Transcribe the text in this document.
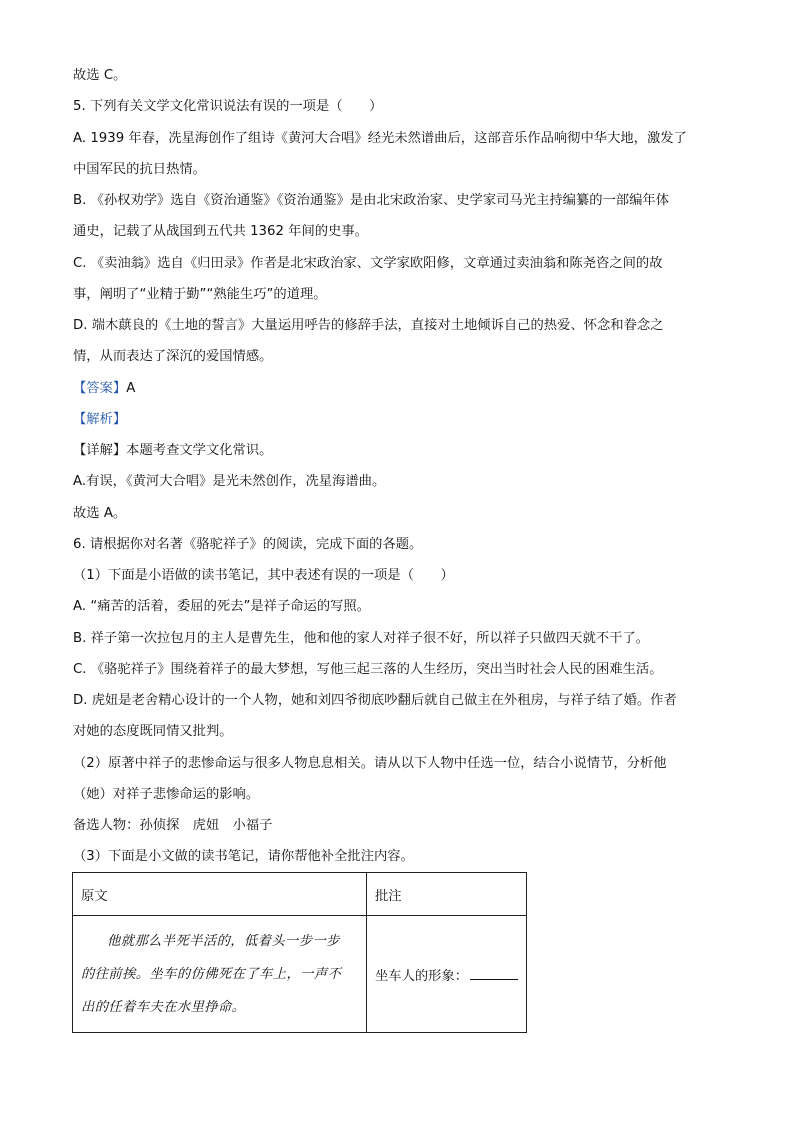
故选 C。
5. 下列有关文学文化常识说法有误的一项是（　　）
A. 1939 年春，冼星海创作了组诗《黄河大合唱》经光未然谱曲后，这部音乐作品响彻中华大地，激发了
中国军民的抗日热情。
B. 《孙权劝学》选自《资治通鉴》《资治通鉴》是由北宋政治家、史学家司马光主持编纂的一部编年体
通史，记载了从战国到五代共 1362 年间的史事。
C. 《卖油翁》选自《归田录》作者是北宋政治家、文学家欧阳修，文章通过卖油翁和陈尧咨之间的故
事，阐明了“业精于勤”“熟能生巧”的道理。
D. 端木蕻良的《土地的誓言》大量运用呼告的修辞手法，直接对土地倾诉自己的热爱、怀念和眷念之
情，从而表达了深沉的爱国情感。
【答案】A
【解析】
【详解】本题考查文学文化常识。
A.有误，《黄河大合唱》是光未然创作，冼星海谱曲。
故选 A。
6. 请根据你对名著《骆驼祥子》的阅读，完成下面的各题。
（1）下面是小语做的读书笔记，其中表述有误的一项是（　　）
A. “痛苦的活着，委屈的死去”是祥子命运的写照。
B. 祥子第一次拉包月的主人是曹先生，他和他的家人对祥子很不好，所以祥子只做四天就不干了。
C. 《骆驼祥子》围绕着祥子的最大梦想，写他三起三落的人生经历，突出当时社会人民的困难生活。
D. 虎妞是老舍精心设计的一个人物，她和刘四爷彻底吵翻后就自己做主在外租房，与祥子结了婚。作者
对她的态度既同情又批判。
（2）原著中祥子的悲惨命运与很多人物息息相关。请从以下人物中任选一位，结合小说情节，分析他
（她）对祥子悲惨命运的影响。
备选人物：孙侦探　虎妞　小福子
（3）下面是小文做的读书笔记，请你帮他补全批注内容。
原文	批注

他就那么半死半活的，低着头一步一步
的往前挨。坐车的仿佛死在了车上，一声不
出的任着车夫在水里挣命。	坐车人的形象：
